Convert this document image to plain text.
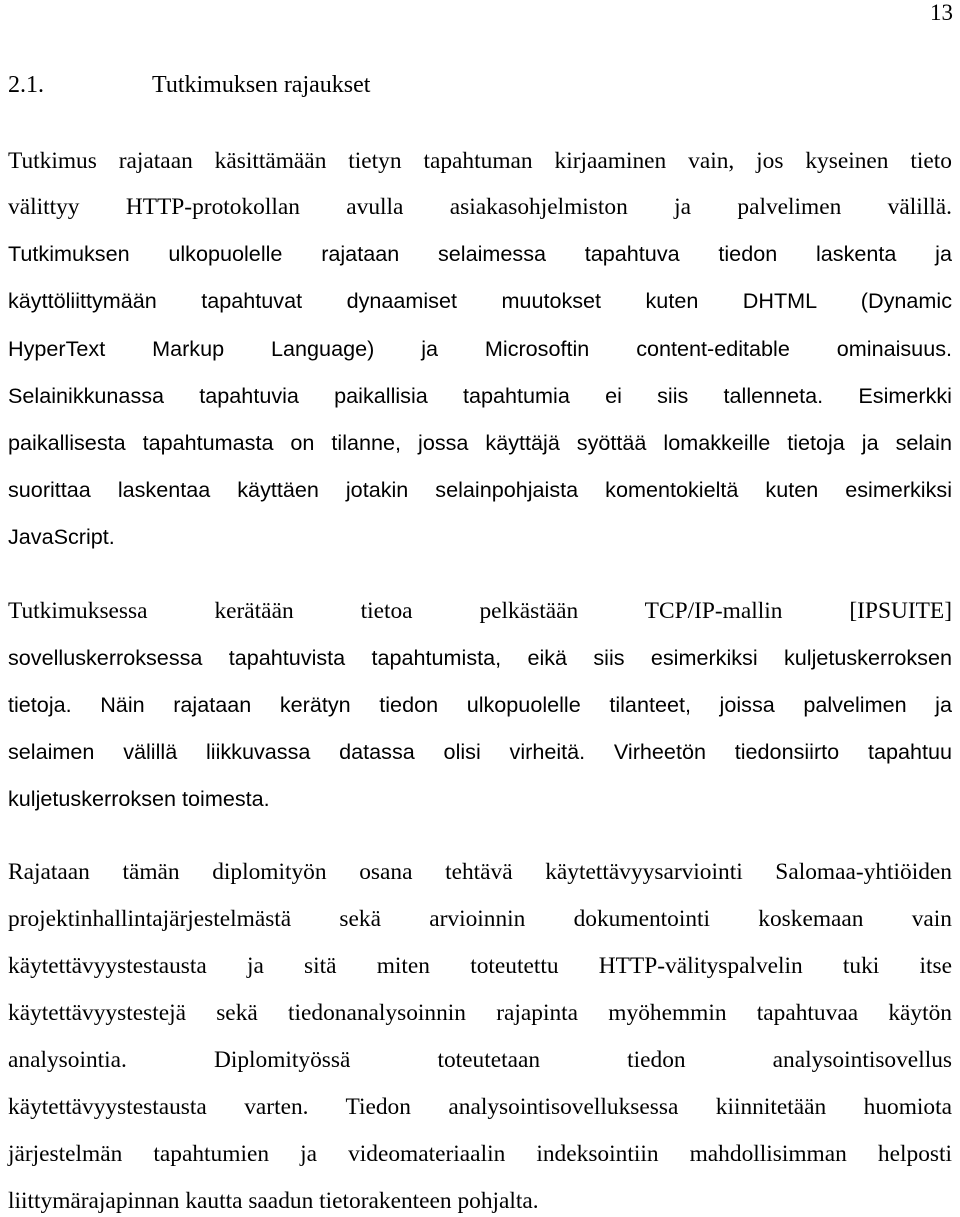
13
2.1.	Tutkimuksen rajaukset
Tutkimus rajataan käsittämään tietyn tapahtuman kirjaaminen vain, jos kyseinen tieto
välittyy HTTP-protokollan avulla asiakasohjelmiston ja palvelimen välillä.
Tutkimuksen ulkopuolelle rajataan selaimessa tapahtuva tiedon laskenta ja
käyttöliittymään tapahtuvat dynaamiset muutokset kuten DHTML (Dynamic
HyperText Markup Language) ja Microsoftin content-editable ominaisuus.
Selainikkunassa tapahtuvia paikallisia tapahtumia ei siis tallenneta. Esimerkki
paikallisesta tapahtumasta on tilanne, jossa käyttäjä syöttää lomakkeille tietoja ja selain
suorittaa laskentaa käyttäen jotakin selainpohjaista komentokieltä kuten esimerkiksi
JavaScript.
Tutkimuksessa kerätään tietoa pelkästään TCP/IP-mallin [IPSUITE]
sovelluskerroksessa tapahtuvista tapahtumista, eikä siis esimerkiksi kuljetuskerroksen
tietoja. Näin rajataan kerätyn tiedon ulkopuolelle tilanteet, joissa palvelimen ja
selaimen välillä liikkuvassa datassa olisi virheitä. Virheetön tiedonsiirto tapahtuu
kuljetuskerroksen toimesta.
Rajataan tämän diplomityön osana tehtävä käytettävyysarviointi Salomaa-yhtiöiden
projektinhallintajärjestelmästä sekä arvioinnin dokumentointi koskemaan vain
käytettävyystestausta ja sitä miten toteutettu HTTP-välityspalvelin tuki itse
käytettävyystestejä sekä tiedonanalysoinnin rajapinta myöhemmin tapahtuvaa käytön
analysointia. Diplomityössä toteutetaan tiedon analysointisovellus
käytettävyystestausta varten. Tiedon analysointisovelluksessa kiinnitetään huomiota
järjestelmän tapahtumien ja videomateriaalin indeksointiin mahdollisimman helposti
liittymärajapinnan kautta saadun tietorakenteen pohjalta.
